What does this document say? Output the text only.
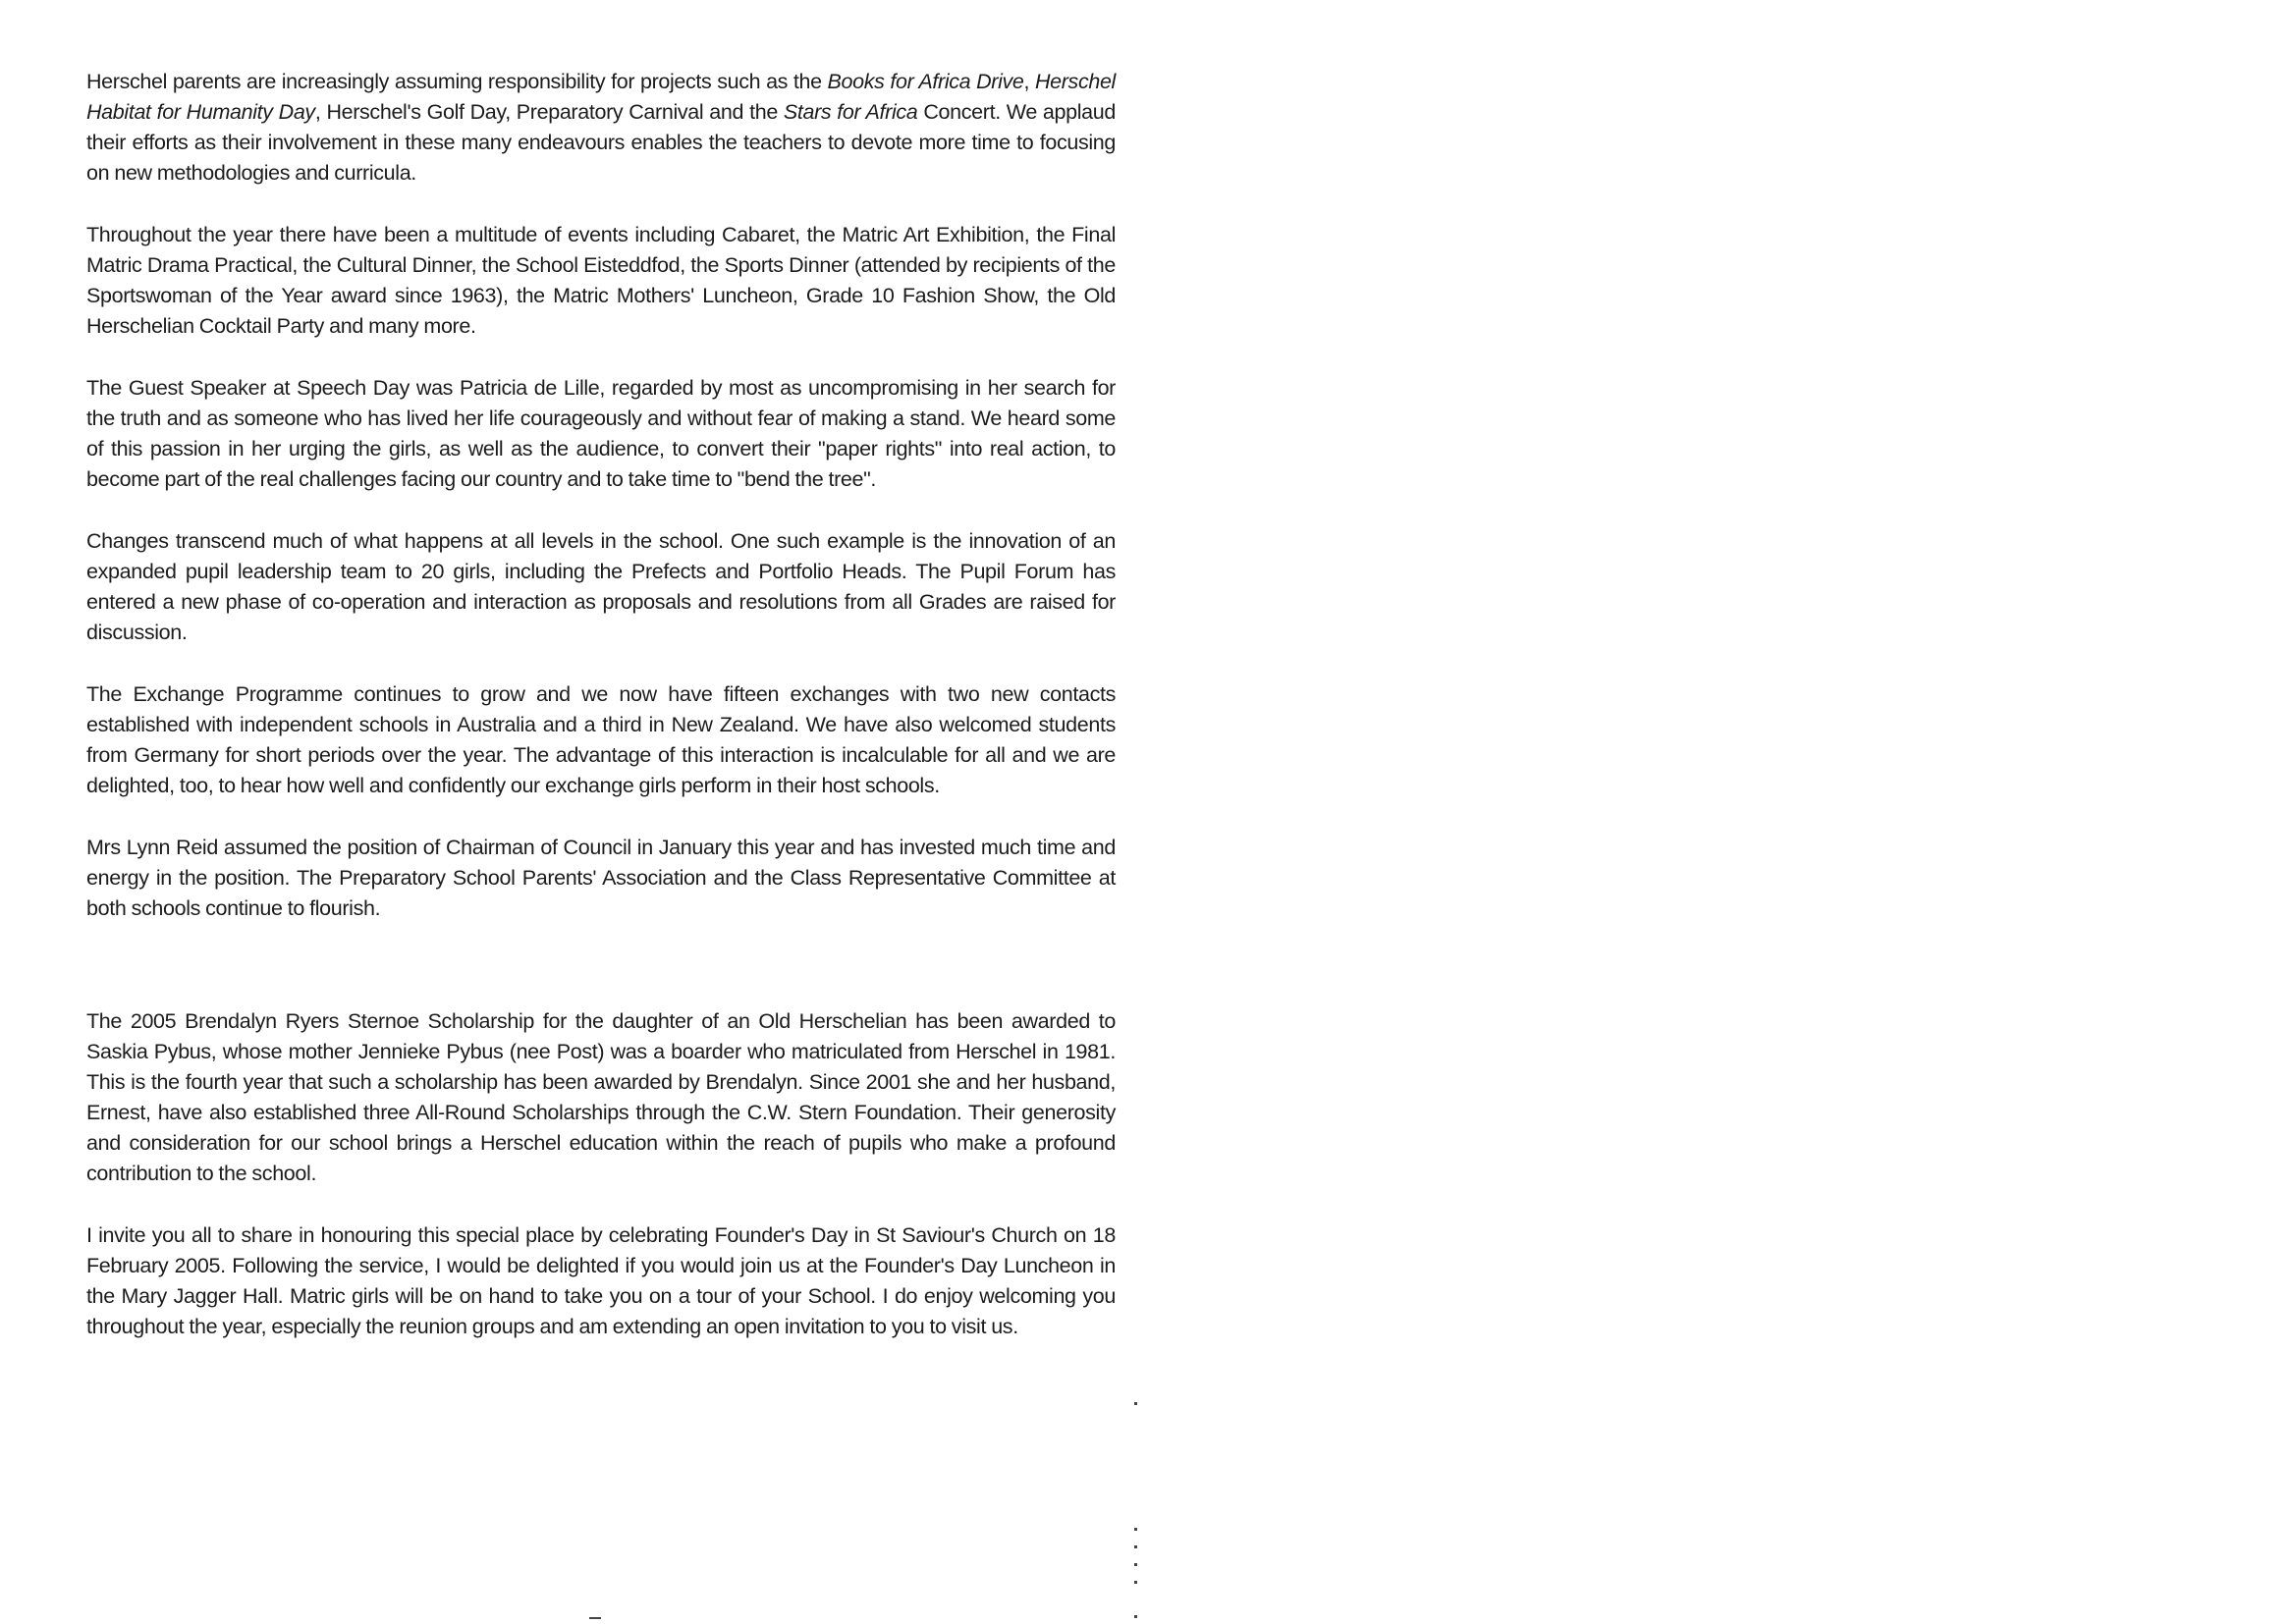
Herschel parents are increasingly assuming responsibility for projects such as the Books for Africa Drive, Herschel Habitat for Humanity Day, Herschel's Golf Day, Preparatory Carnival and the Stars for Africa Concert. We applaud their efforts as their involvement in these many endeavours enables the teachers to devote more time to focusing on new methodologies and curricula.

Throughout the year there have been a multitude of events including Cabaret, the Matric Art Exhibition, the Final Matric Drama Practical, the Cultural Dinner, the School Eisteddfod, the Sports Dinner (attended by recipients of the Sportswoman of the Year award since 1963), the Matric Mothers' Luncheon, Grade 10 Fashion Show, the Old Herschelian Cocktail Party and many more.

The Guest Speaker at Speech Day was Patricia de Lille, regarded by most as uncompromising in her search for the truth and as someone who has lived her life courageously and without fear of making a stand. We heard some of this passion in her urging the girls, as well as the audience, to convert their "paper rights" into real action, to become part of the real challenges facing our country and to take time to "bend the tree".

Changes transcend much of what happens at all levels in the school. One such example is the innovation of an expanded pupil leadership team to 20 girls, including the Prefects and Portfolio Heads. The Pupil Forum has entered a new phase of co-operation and interaction as proposals and resolutions from all Grades are raised for discussion.

The Exchange Programme continues to grow and we now have fifteen exchanges with two new contacts established with independent schools in Australia and a third in New Zealand. We have also welcomed students from Germany for short periods over the year. The advantage of this interaction is incalculable for all and we are delighted, too, to hear how well and confidently our exchange girls perform in their host schools.

Mrs Lynn Reid assumed the position of Chairman of Council in January this year and has invested much time and energy in the position. The Preparatory School Parents' Association and the Class Representative Committee at both schools continue to flourish.

The 2005 Brendalyn Ryers Sternoe Scholarship for the daughter of an Old Herschelian has been awarded to Saskia Pybus, whose mother Jennieke Pybus (nee Post) was a boarder who matriculated from Herschel in 1981. This is the fourth year that such a scholarship has been awarded by Brendalyn. Since 2001 she and her husband, Ernest, have also established three All-Round Scholarships through the C.W. Stern Foundation. Their generosity and consideration for our school brings a Herschel education within the reach of pupils who make a profound contribution to the school.

I invite you all to share in honouring this special place by celebrating Founder's Day in St Saviour's Church on 18 February 2005. Following the service, I would be delighted if you would join us at the Founder's Day Luncheon in the Mary Jagger Hall. Matric girls will be on hand to take you on a tour of your School. I do enjoy welcoming you throughout the year, especially the reunion groups and am extending an open invitation to you to visit us.
